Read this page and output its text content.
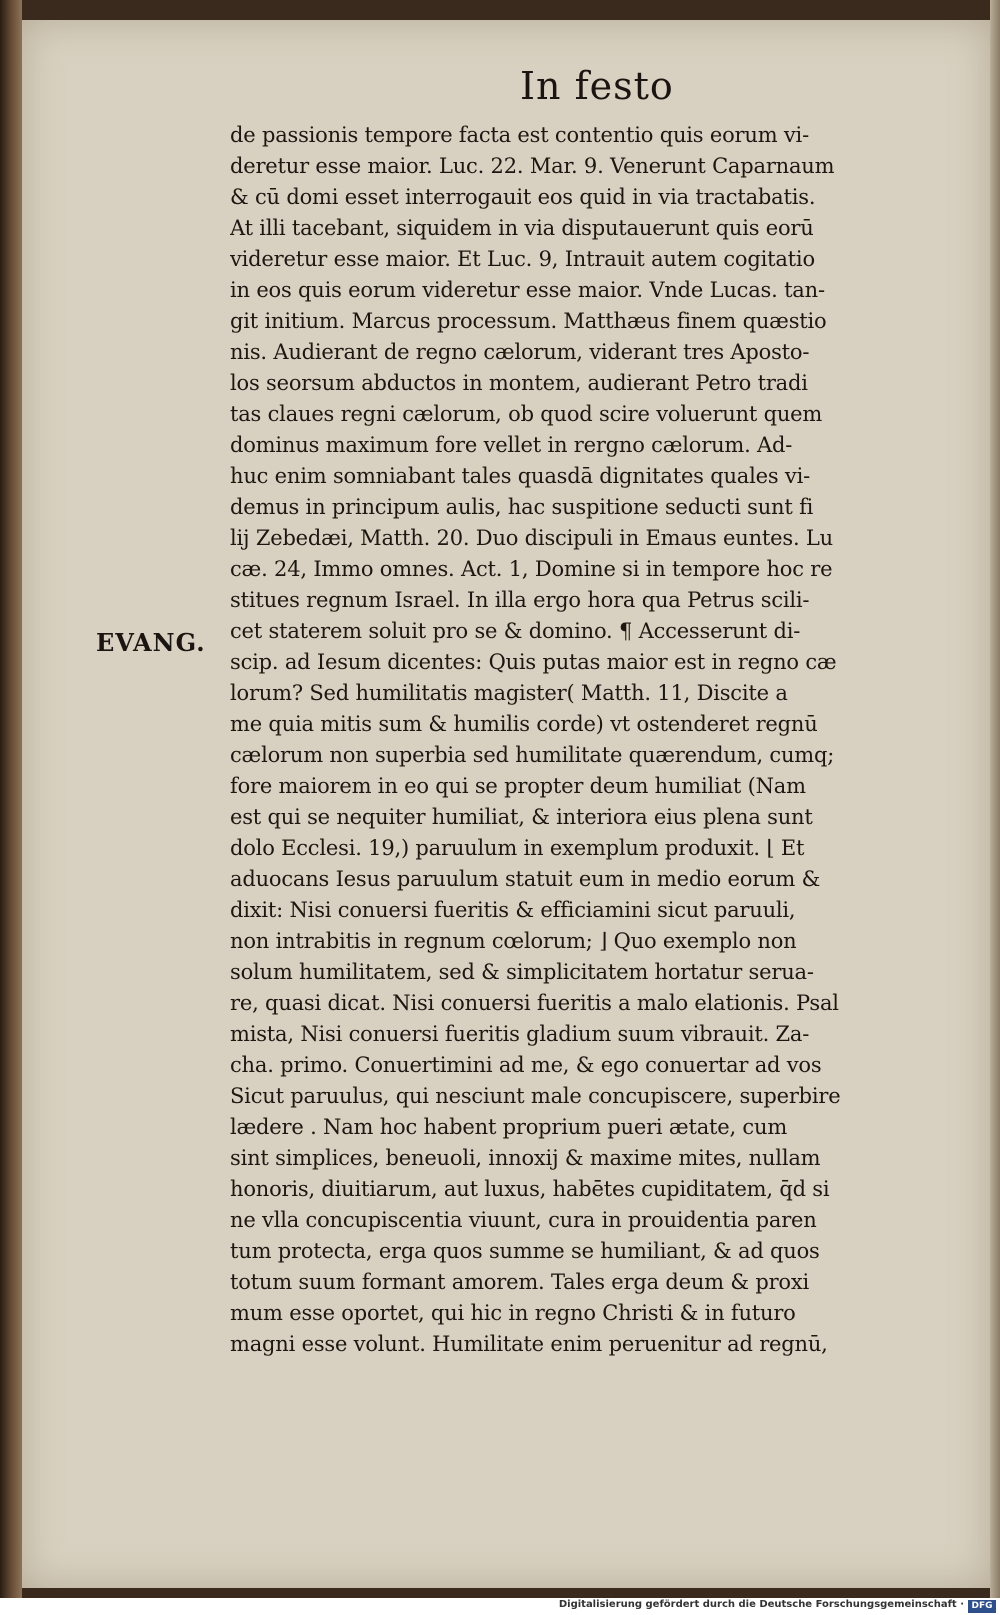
In festo
EVANG.
de passionis tempore facta est contentio quis eorum vi-
deretur esse maior. Luc. 22. Mar. 9. Venerunt Caparnaum
& cū domi esset interrogauit eos quid in via tractabatis.
At illi tacebant, siquidem in via disputauerunt quis eorū
videretur esse maior. Et Luc. 9, Intrauit autem cogitatio
in eos quis eorum videretur esse maior. Vnde Lucas. tan-
git initium. Marcus processum. Matthæus finem quæstio
nis. Audierant de regno cælorum, viderant tres Aposto-
los seorsum abductos in montem, audierant Petro tradi
tas claues regni cælorum, ob quod scire voluerunt quem
dominus maximum fore vellet in rergno cælorum. Ad-
huc enim somniabant tales quasdā dignitates quales vi-
demus in principum aulis, hac suspitione seducti sunt fi
lij Zebedæi, Matth. 20. Duo discipuli in Emaus euntes. Lu
cæ. 24, Immo omnes. Act. 1, Domine si in tempore hoc re
stitues regnum Israel. In illa ergo hora qua Petrus scili-
cet staterem soluit pro se & domino. ¶ Accesserunt di-
scip. ad Iesum dicentes: Quis putas maior est in regno cæ
lorum? Sed humilitatis magister( Matth. 11, Discite a
me quia mitis sum & humilis corde) vt ostenderet regnū
cælorum non superbia sed humilitate quærendum, cumq;
fore maiorem in eo qui se propter deum humiliat (Nam
est qui se nequiter humiliat, & interiora eius plena sunt
dolo Ecclesi. 19,) paruulum in exemplum produxit. ⌊ Et
aduocans Iesus paruulum statuit eum in medio eorum &
dixit: Nisi conuersi fueritis & efficiamini sicut paruuli,
non intrabitis in regnum cœlorum; ⌋ Quo exemplo non
solum humilitatem, sed & simplicitatem hortatur serua-
re, quasi dicat. Nisi conuersi fueritis a malo elationis. Psal
mista, Nisi conuersi fueritis gladium suum vibrauit. Za-
cha. primo. Conuertimini ad me, & ego conuertar ad vos
Sicut paruulus, qui nesciunt male concupiscere, superbire
lædere . Nam hoc habent proprium pueri ætate, cum
sint simplices, beneuoli, innoxij & maxime mites, nullam
honoris, diuitiarum, aut luxus, habētes cupiditatem, q̄d si
ne vlla concupiscentia viuunt, cura in prouidentia paren
tum protecta, erga quos summe se humiliant, & ad quos
totum suum formant amorem. Tales erga deum & proxi
mum esse oportet, qui hic in regno Christi & in futuro
magni esse volunt. Humilitate enim peruenitur ad regnū,
Digitalisierung gefördert durch die Deutsche Forschungsgemeinschaft · DFG
